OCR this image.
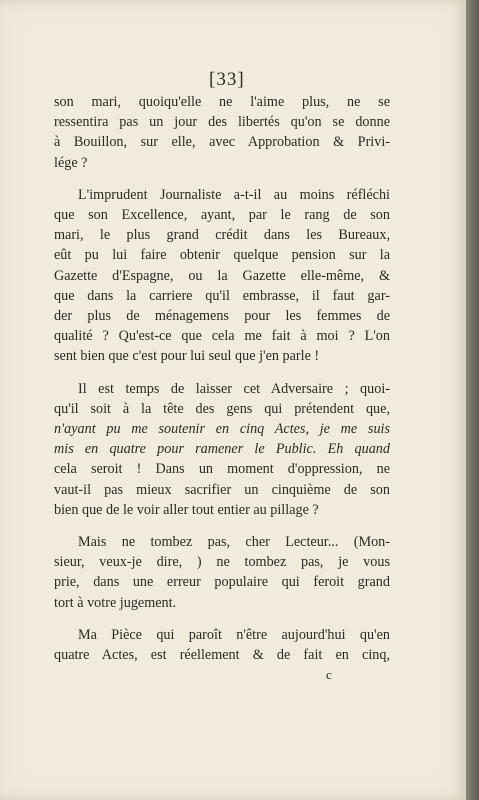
[33]
son mari, quoiqu'elle ne l'aime plus, ne se
ressentira pas un jour des libertés qu'on se donne
à Bouillon, sur elle, avec Approbation & Privi-
lége ?
L'imprudent Journaliste a-t-il au moins réfléchi
que son Excellence, ayant, par le rang de son
mari, le plus grand crédit dans les Bureaux,
eût pu lui faire obtenir quelque pension sur la
Gazette d'Espagne, ou la Gazette elle-même, &
que dans la carriere qu'il embrasse, il faut gar-
der plus de ménagemens pour les femmes de
qualité ? Qu'est-ce que cela me fait à moi ? L'on
sent bien que c'est pour lui seul que j'en parle !
Il est temps de laisser cet Adversaire ; quoi-
qu'il soit à la tête des gens qui prétendent que,
n'ayant pu me soutenir en cinq Actes, je me suis
mis en quatre pour ramener le Public. Eh quand
cela seroit ! Dans un moment d'oppression, ne
vaut-il pas mieux sacrifier un cinquième de son
bien que de le voir aller tout entier au pillage ?
Mais ne tombez pas, cher Lecteur... (Mon-
sieur, veux-je dire, ) ne tombez pas, je vous
prie, dans une erreur populaire qui feroit grand
tort à votre jugement.
Ma Pièce qui paroît n'être aujourd'hui qu'en
quatre Actes, est réellement & de fait en cinq,
c
